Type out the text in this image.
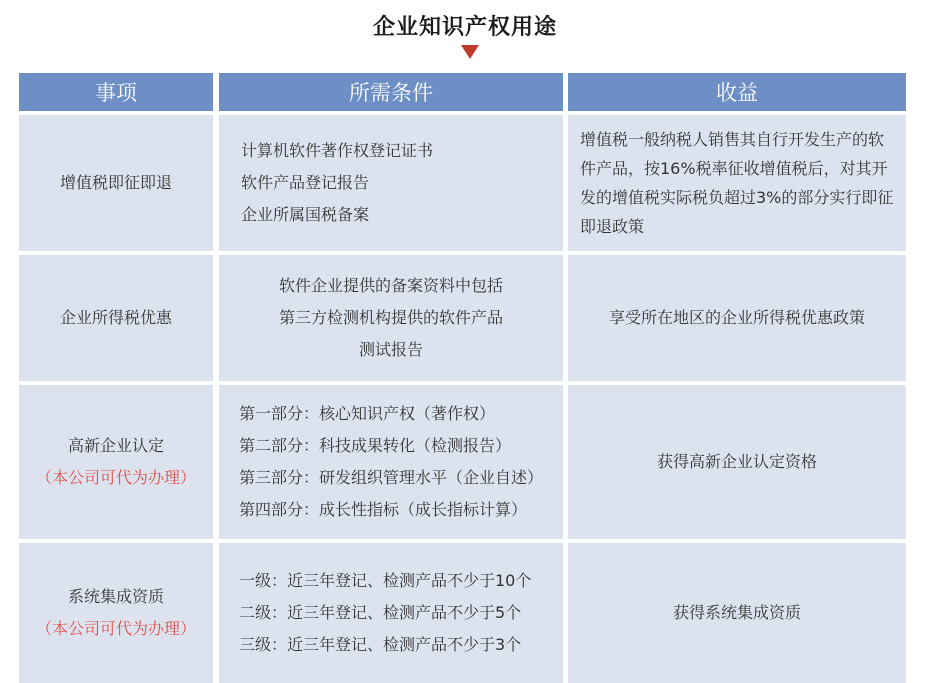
企业知识产权用途
事项	所需条件	收益
增值税即征即退
计算机软件著作权登记证书
软件产品登记报告
企业所属国税备案
增值税一般纳税人销售其自行开发生产的软件产品，按16%税率征收增值税后，对其开发的增值税实际税负超过3%的部分实行即征即退政策
企业所得税优惠
软件企业提供的备案资料中包括
第三方检测机构提供的软件产品
测试报告
享受所在地区的企业所得税优惠政策
高新企业认定
（本公司可代为办理）
第一部分：核心知识产权（著作权）
第二部分：科技成果转化（检测报告）
第三部分：研发组织管理水平（企业自述）
第四部分：成长性指标（成长指标计算）
获得高新企业认定资格
系统集成资质
（本公司可代为办理）
一级：近三年登记、检测产品不少于10个
二级：近三年登记、检测产品不少于5个
三级：近三年登记、检测产品不少于3个
获得系统集成资质
